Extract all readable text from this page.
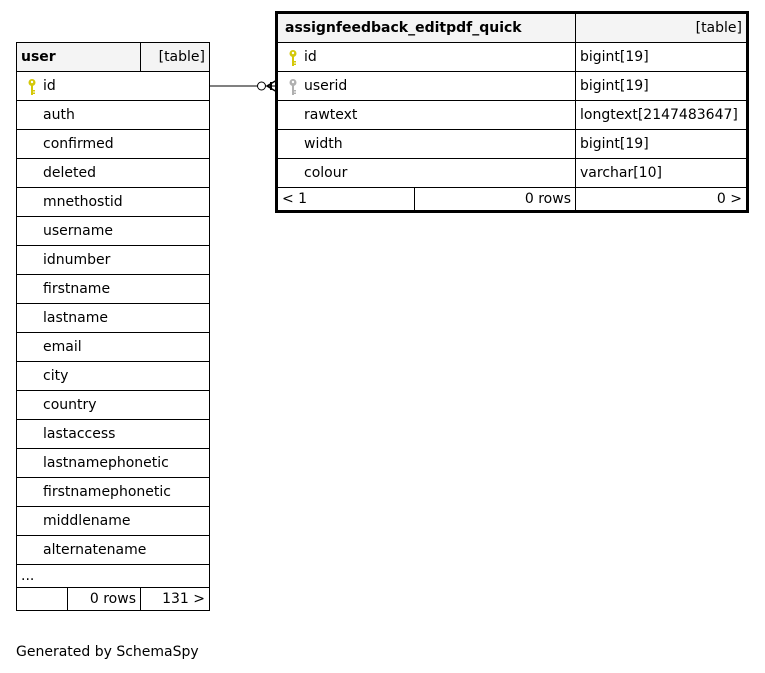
user		[table]

id		
auth		
confirmed		
deleted		
mnethostid		
username		
idnumber		
firstname		
lastname		
email		
city		
country		
lastaccess		
lastnamephonetic		
firstnamephonetic		
middlename		
alternatename		
...		
	0 rows	131 >
assignfeedback_editpdf_quick		[table]

id		bigint[19]

userid		bigint[19]
rawtext		longtext[2147483647]
width		bigint[19]
colour		varchar[10]
< 1	0 rows	0 >
Generated by SchemaSpy
